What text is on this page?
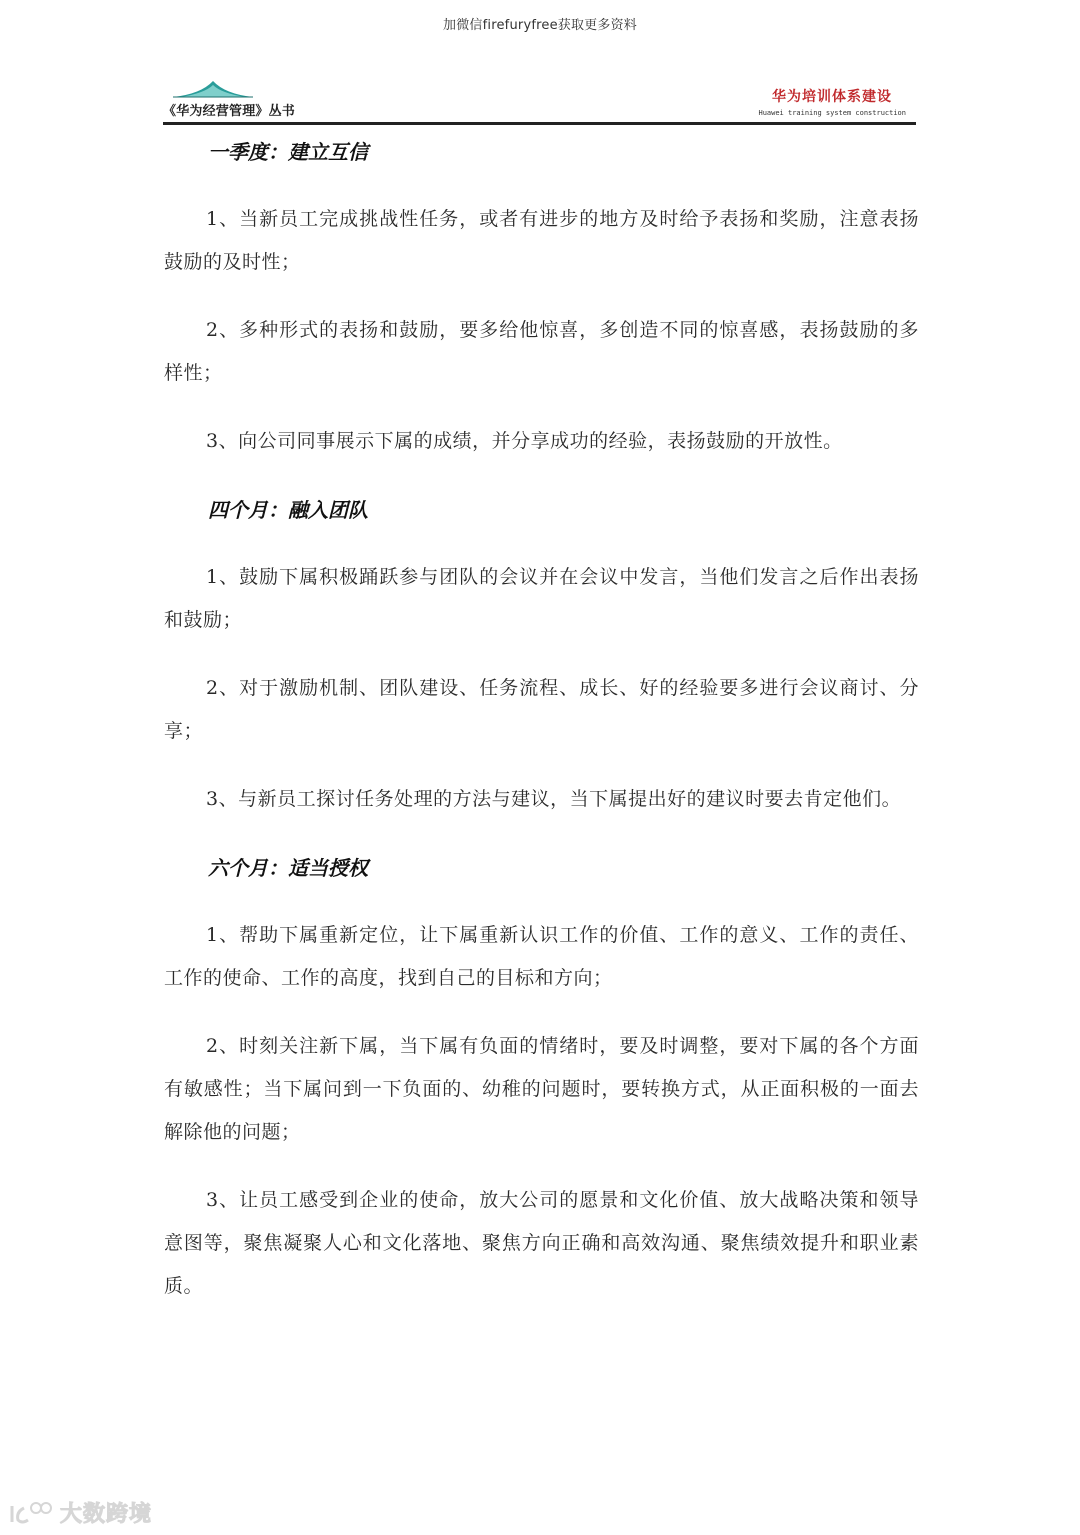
加微信firefuryfree获取更多资料
《华为经营管理》丛书
华为培训体系建设
Huawei training system construction
一季度：建立互信

1、当新员工完成挑战性任务，或者有进步的地方及时给予表扬和奖励，注意表扬鼓励的及时性；

2、多种形式的表扬和鼓励，要多给他惊喜，多创造不同的惊喜感，表扬鼓励的多样性；

3、向公司同事展示下属的成绩，并分享成功的经验，表扬鼓励的开放性。

四个月：融入团队

1、鼓励下属积极踊跃参与团队的会议并在会议中发言，当他们发言之后作出表扬和鼓励；

2、对于激励机制、团队建设、任务流程、成长、好的经验要多进行会议商讨、分享；

3、与新员工探讨任务处理的方法与建议，当下属提出好的建议时要去肯定他们。

六个月：适当授权

1、帮助下属重新定位，让下属重新认识工作的价值、工作的意义、工作的责任、工作的使命、工作的高度，找到自己的目标和方向；

2、时刻关注新下属，当下属有负面的情绪时，要及时调整，要对下属的各个方面有敏感性；当下属问到一下负面的、幼稚的问题时，要转换方式，从正面积极的一面去解除他的问题；

3、让员工感受到企业的使命，放大公司的愿景和文化价值、放大战略决策和领导意图等，聚焦凝聚人心和文化落地、聚焦方向正确和高效沟通、聚焦绩效提升和职业素质。

大数跨境
